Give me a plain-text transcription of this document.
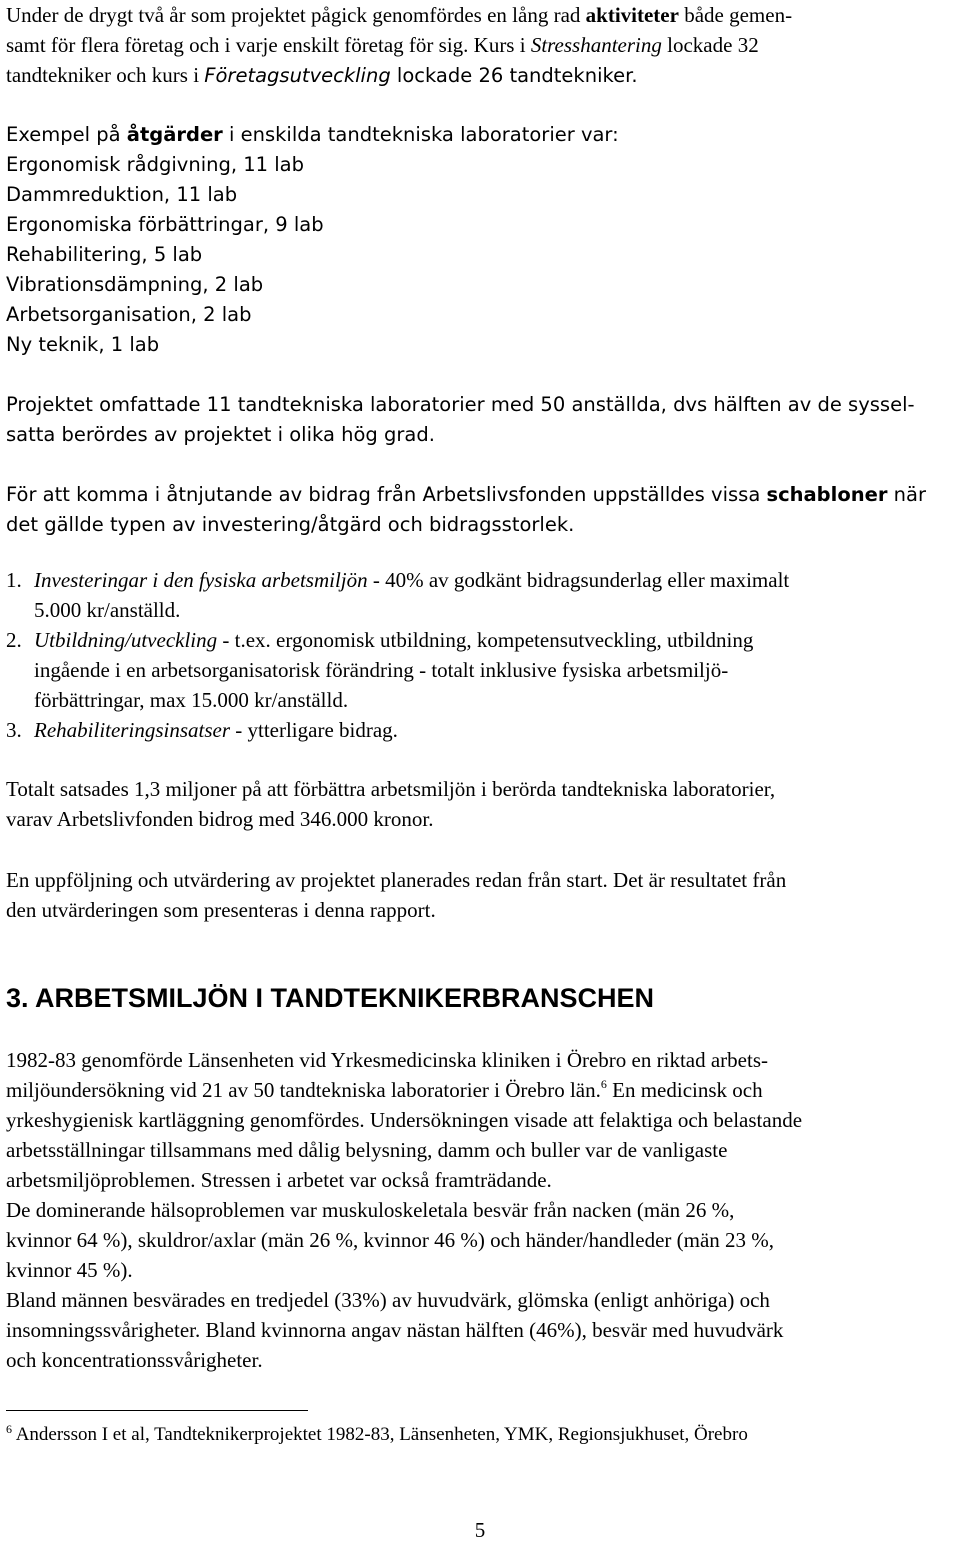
Under de drygt två år som projektet pågick genomfördes en lång rad aktiviteter både gemen-
samt för flera företag och i varje enskilt företag för sig. Kurs i Stresshantering lockade 32
tandtekniker och kurs i Företagsutveckling lockade 26 tandtekniker.

Exempel på åtgärder i enskilda tandtekniska laboratorier var:
Ergonomisk rådgivning, 11 lab
Dammreduktion, 11 lab
Ergonomiska förbättringar, 9 lab
Rehabilitering, 5 lab
Vibrationsdämpning, 2 lab
Arbetsorganisation, 2 lab
Ny teknik, 1 lab
Projektet omfattade 11 tandtekniska laboratorier med 50 anställda, dvs hälften av de syssel-
satta berördes av projektet i olika hög grad.
För att komma i åtnjutande av bidrag från Arbetslivsfonden uppställdes vissa schabloner när
det gällde typen av investering/åtgärd och bidragsstorlek.
1. Investeringar i den fysiska arbetsmiljön - 40% av godkänt bidragsunderlag eller maximalt
5.000 kr/anställd.
2. Utbildning/utveckling - t.ex. ergonomisk utbildning, kompetensutveckling, utbildning
ingående i en arbetsorganisatorisk förändring - totalt inklusive fysiska arbetsmiljö-
förbättringar, max 15.000 kr/anställd.
3. Rehabiliteringsinsatser - ytterligare bidrag.

Totalt satsades 1,3 miljoner på att förbättra arbetsmiljön i berörda tandtekniska laboratorier,
varav Arbetslivfonden bidrog med 346.000 kronor.

En uppföljning och utvärdering av projektet planerades redan från start. Det är resultatet från
den utvärderingen som presenteras i denna rapport.

3. ARBETSMILJÖN I TANDTEKNIKERBRANSCHEN

1982-83 genomförde Länsenheten vid Yrkesmedicinska kliniken i Örebro en riktad arbets-
miljöundersökning vid 21 av 50 tandtekniska laboratorier i Örebro län.$^6$ En medicinsk och
yrkeshygienisk kartläggning genomfördes. Undersökningen visade att felaktiga och belastande
arbetsställningar tillsammans med dålig belysning, damm och buller var de vanligaste
arbetsmiljöproblemen. Stressen i arbetet var också framträdande.
De dominerande hälsoproblemen var muskuloskeletala besvär från nacken (män 26 %,
kvinnor 64 %), skuldror/axlar (män 26 %, kvinnor 46 %) och händer/handleder (män 23 %,
kvinnor 45 %).
Bland männen besvärades en tredjedel (33%) av huvudvärk, glömska (enligt anhöriga) och
insomningssvårigheter. Bland kvinnorna angav nästan hälften (46%), besvär med huvudvärk
och koncentrationssvårigheter.

$^6$ Andersson I et al, Tandteknikerprojektet 1982-83, Länsenheten, YMK, Regionsjukhuset, Örebro

5
